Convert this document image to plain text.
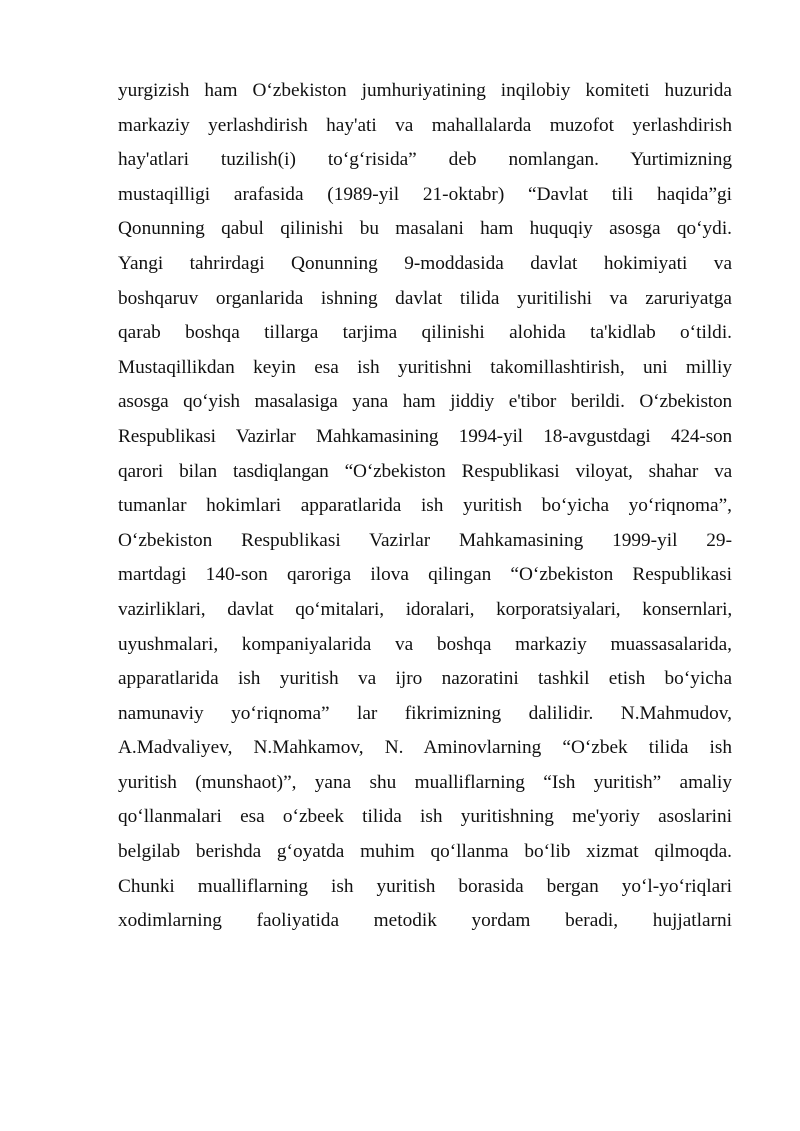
yurgizish ham O‘zbekiston jumhuriyatining inqilobiy komiteti huzurida
markaziy yerlashdirish hay'ati va mahallalarda muzofot yerlashdirish
hay'atlari tuzilish(i) to‘g‘risida” deb nomlangan. Yurtimizning
mustaqilligi arafasida (1989-yil 21-oktabr) “Davlat tili haqida”gi
Qonunning qabul qilinishi bu masalani ham huquqiy asosga qo‘ydi.
Yangi tahrirdagi Qonunning 9-moddasida davlat hokimiyati va
boshqaruv organlarida ishning davlat tilida yuritilishi va zaruriyatga
qarab boshqa tillarga tarjima qilinishi alohida ta'kidlab o‘tildi.
Mustaqillikdan keyin esa ish yuritishni takomillashtirish, uni milliy
asosga qo‘yish masalasiga yana ham jiddiy e'tibor berildi. O‘zbekiston
Respublikasi Vazirlar Mahkamasining 1994-yil 18-avgustdagi 424-son
qarori bilan tasdiqlangan “O‘zbekiston Respublikasi viloyat, shahar va
tumanlar hokimlari apparatlarida ish yuritish bo‘yicha yo‘riqnoma”,
O‘zbekiston Respublikasi Vazirlar Mahkamasining 1999-yil 29-
martdagi 140-son qaroriga ilova qilingan “O‘zbekiston Respublikasi
vazirliklari, davlat qo‘mitalari, idoralari, korporatsiyalari, konsernlari,
uyushmalari, kompaniyalarida va boshqa markaziy muassasalarida,
apparatlarida ish yuritish va ijro nazoratini tashkil etish bo‘yicha
namunaviy yo‘riqnoma” lar fikrimizning dalilidir. N.Mahmudov,
A.Madvaliyev, N.Mahkamov, N. Aminovlarning “O‘zbek tilida ish
yuritish (munshaot)”, yana shu mualliflarning “Ish yuritish” amaliy
qo‘llanmalari esa o‘zbeek tilida ish yuritishning me'yoriy asoslarini
belgilab berishda g‘oyatda muhim qo‘llanma bo‘lib xizmat qilmoqda.
Chunki mualliflarning ish yuritish borasida bergan yo‘l-yo‘riqlari
xodimlarning faoliyatida metodik yordam beradi, hujjatlarni
